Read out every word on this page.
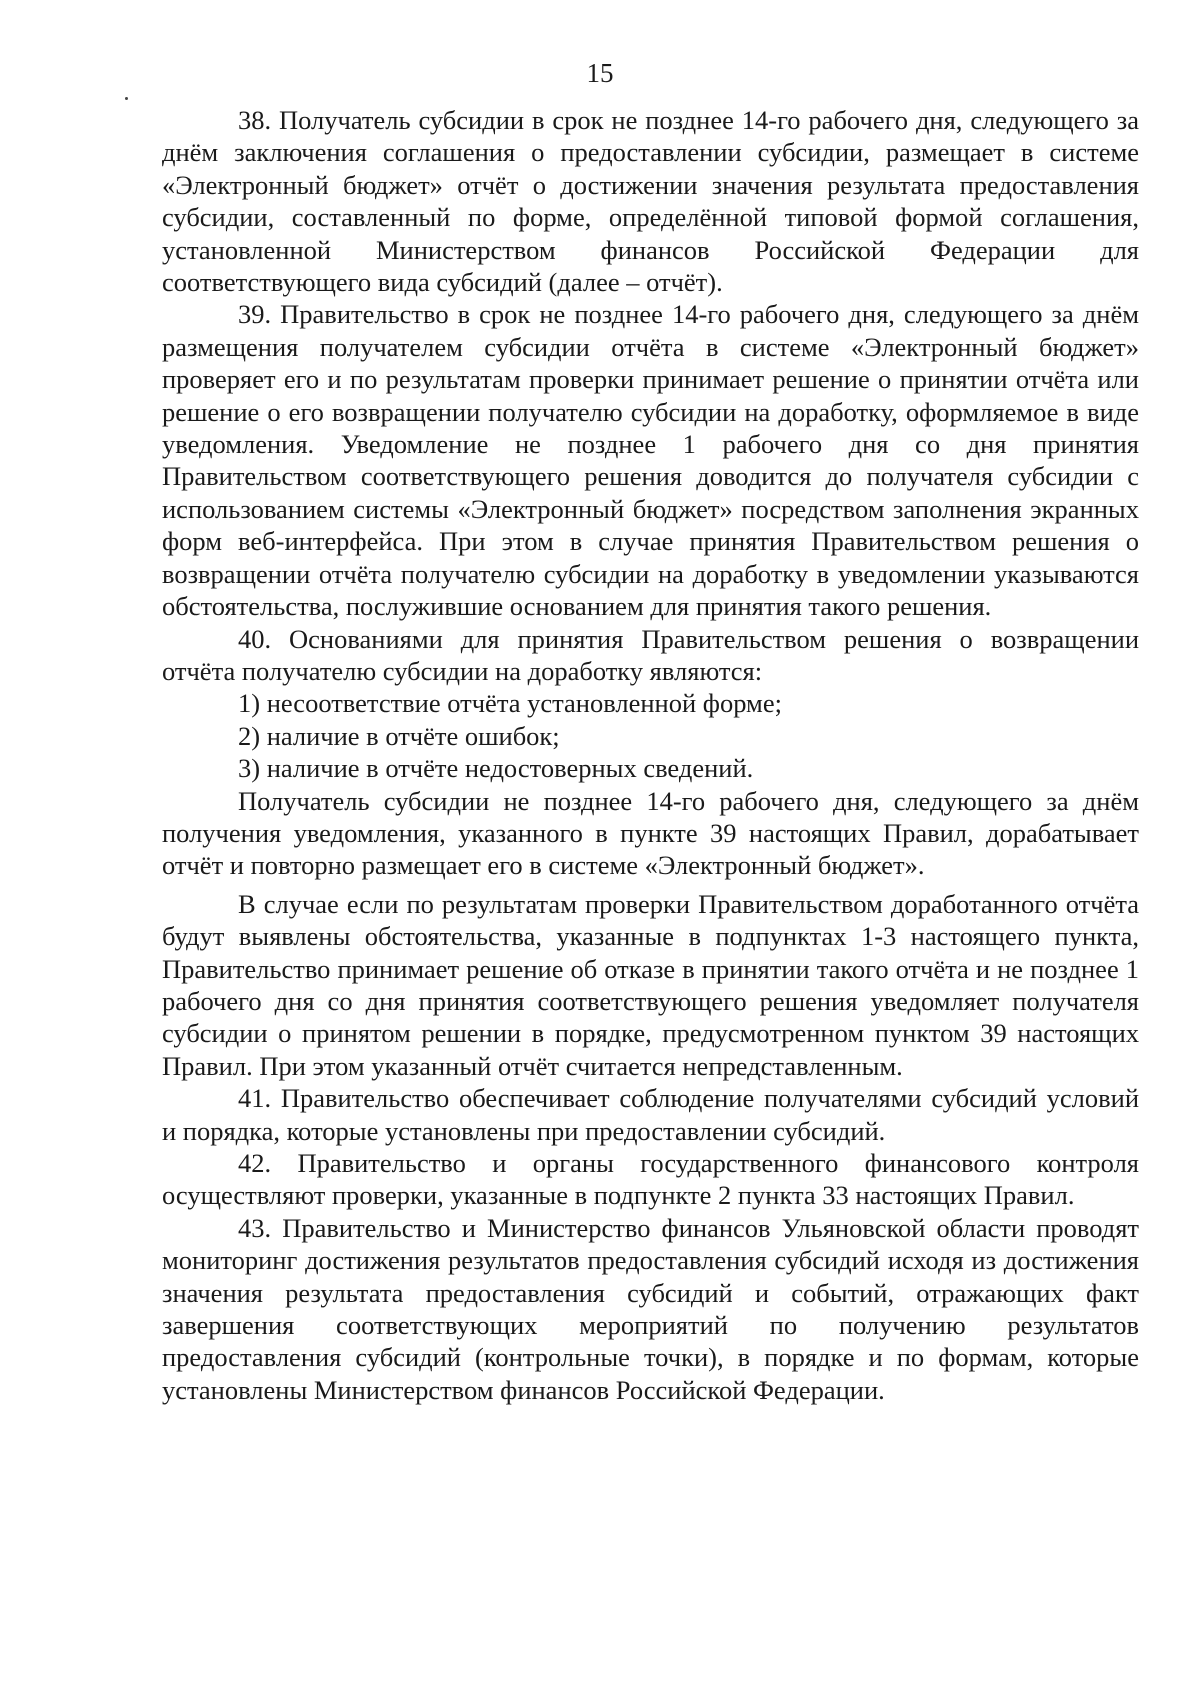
15

38. Получатель субсидии в срок не позднее 14-го рабочего дня, следующего за днём заключения соглашения о предоставлении субсидии, размещает в системе «Электронный бюджет» отчёт о достижении значения результата предоставления субсидии, составленный по форме, определённой типовой формой соглашения, установленной Министерством финансов Российской Федерации для соответствующего вида субсидий (далее – отчёт).

39. Правительство в срок не позднее 14-го рабочего дня, следующего за днём размещения получателем субсидии отчёта в системе «Электронный бюджет» проверяет его и по результатам проверки принимает решение о принятии отчёта или решение о его возвращении получателю субсидии на доработку, оформляемое в виде уведомления. Уведомление не позднее 1 рабочего дня со дня принятия Правительством соответствующего решения доводится до получателя субсидии с использованием системы «Электронный бюджет» посредством заполнения экранных форм веб-интерфейса. При этом в случае принятия Правительством решения о возвращении отчёта получателю субсидии на доработку в уведомлении указываются обстоятельства, послужившие основанием для принятия такого решения.

40. Основаниями для принятия Правительством решения о возвращении отчёта получателю субсидии на доработку являются:

1) несоответствие отчёта установленной форме;

2) наличие в отчёте ошибок;

3) наличие в отчёте недостоверных сведений.

Получатель субсидии не позднее 14-го рабочего дня, следующего за днём получения уведомления, указанного в пункте 39 настоящих Правил, дорабатывает отчёт и повторно размещает его в системе «Электронный бюджет».

В случае если по результатам проверки Правительством доработанного отчёта будут выявлены обстоятельства, указанные в подпунктах 1-3 настоящего пункта, Правительство принимает решение об отказе в принятии такого отчёта и не позднее 1 рабочего дня со дня принятия соответствующего решения уведомляет получателя субсидии о принятом решении в порядке, предусмотренном пунктом 39 настоящих Правил. При этом указанный отчёт считается непредставленным.

41. Правительство обеспечивает соблюдение получателями субсидий условий и порядка, которые установлены при предоставлении субсидий.

42. Правительство и органы государственного финансового контроля осуществляют проверки, указанные в подпункте 2 пункта 33 настоящих Правил.

43. Правительство и Министерство финансов Ульяновской области проводят мониторинг достижения результатов предоставления субсидий исходя из достижения значения результата предоставления субсидий и событий, отражающих факт завершения соответствующих мероприятий по получению результатов предоставления субсидий (контрольные точки), в порядке и по формам, которые установлены Министерством финансов Российской Федерации.
